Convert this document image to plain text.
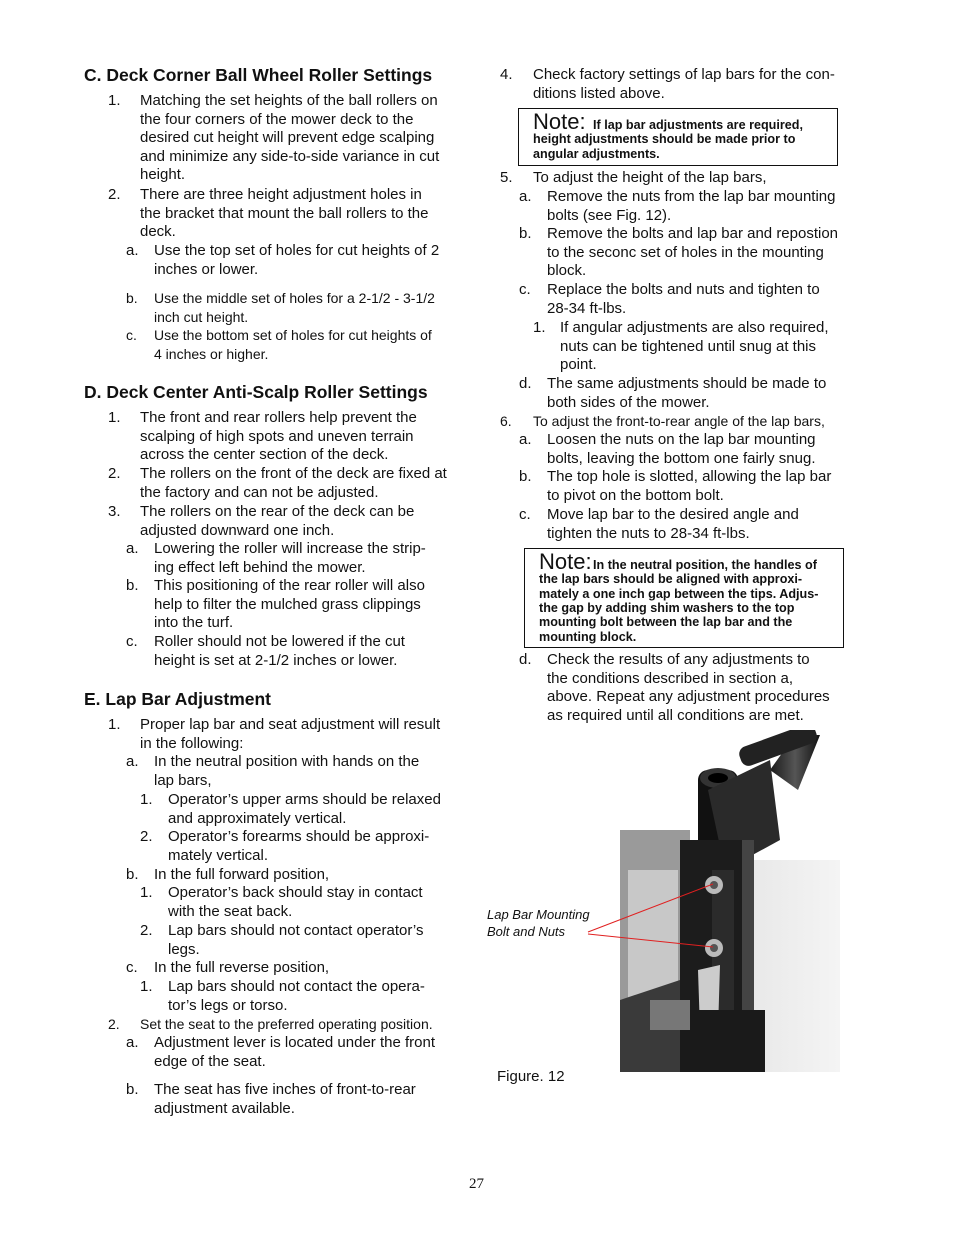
C. Deck Corner Ball Wheel Roller Settings
D. Deck Center Anti-Scalp Roller Settings
E. Lap Bar Adjustment
1. Matching the set heights of the ball rollers on
the four corners of the mower deck to the
desired cut height will prevent edge scalping
and minimize any side-to-side variance in cut
height.
2. There are three height adjustment holes in
the bracket that mount the ball rollers to the
deck.
a. Use the top set of holes for cut heights of 2
inches or lower.
b. Use the middle set of holes for a 2-1/2 - 3-1/2
inch cut height.
c. Use the bottom set of holes for cut heights of
4 inches or higher.
1. The front and rear rollers help prevent the
scalping of high spots and uneven terrain
across the center section of the deck.
2. The rollers on the front of the deck are fixed at
the factory and can not be adjusted.
3. The rollers on the rear of the deck can be
adjusted downward one inch.
a. Lowering the roller will increase the strip-
ing effect left behind the mower.
b. This positioning of the rear roller will also
help to filter the mulched grass clippings
into the turf.
c. Roller should not be lowered if the cut
height is set at 2-1/2 inches or lower.
1. Proper lap bar and seat adjustment will result
in the following:
a. In the neutral position with hands on the
lap bars,
1. Operator’s upper arms should be relaxed
and approximately vertical.
2. Operator’s forearms should be approxi-
mately vertical.
b. In the full forward position,
1. Operator’s back should stay in contact
with the seat back.
2. Lap bars should not contact operator’s
legs.
c. In the full reverse position,
1. Lap bars should not contact the opera-
tor’s legs or torso.
2. Set the seat to the preferred operating position.
a. Adjustment lever is located under the front
edge of the seat.
b. The seat has five inches of front-to-rear
adjustment available.
4. Check factory settings of lap bars for the con-
ditions listed above.
5. To adjust the height of the lap bars,
a. Remove the nuts from the lap bar mounting
bolts (see Fig. 12).
b. Remove the bolts and lap bar and repostion
to the seconc set of holes in the mounting
block.
c. Replace the bolts and nuts and tighten to
28-34 ft-lbs.
1. If angular adjustments are also required,
nuts can be tightened until snug at this
point.
d. The same adjustments should be made to
both sides of the mower.
6. To adjust the front-to-rear angle of the lap bars,
a. Loosen the nuts on the lap bar mounting
bolts, leaving the bottom one fairly snug.
b. The top hole is slotted, allowing the lap bar
to pivot on the bottom bolt.
c. Move lap bar to the desired angle and
tighten the nuts to 28-34 ft-lbs.
d. Check the results of any adjustments to
the conditions described in section a,
above. Repeat any adjustment procedures
as required until all conditions are met.
Note: If lap bar adjustments are required,
height adjustments should be made prior to
angular adjustments.
Note: In the neutral position, the handles of
the lap bars should be aligned with approxi-
mately a one inch gap between the tips. Adjus-
the gap by adding shim washers to the top
mounting bolt between the lap bar and the
mounting block.
Lap Bar Mounting
Bolt and Nuts
Figure. 12
27
